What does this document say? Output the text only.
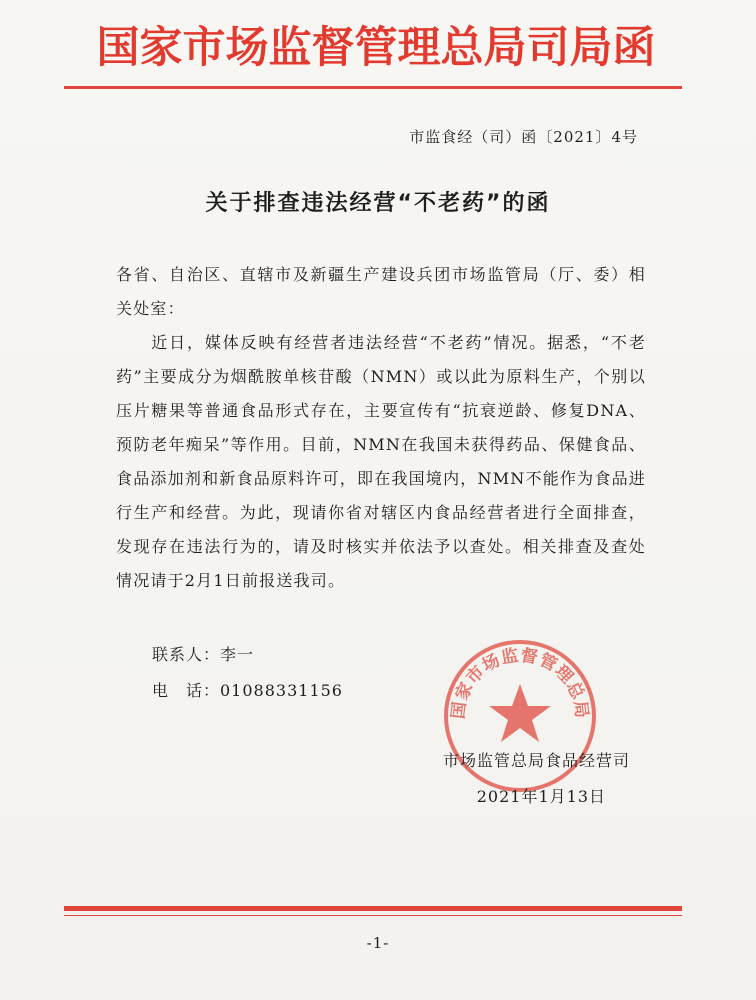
国家市场监督管理总局司局函
市监食经（司）函〔2021〕4号
关于排查违法经营“不老药”的函

各省、自治区、直辖市及新疆生产建设兵团市场监管局（厅、委）相关处室：

近日，媒体反映有经营者违法经营“不老药”情况。据悉，“不老药”主要成分为烟酰胺单核苷酸（NMN）或以此为原料生产，个别以压片糖果等普通食品形式存在，主要宣传有“抗衰逆龄、修复DNA、预防老年痴呆”等作用。目前，NMN在我国未获得药品、保健食品、食品添加剂和新食品原料许可，即在我国境内，NMN不能作为食品进行生产和经营。为此，现请你省对辖区内食品经营者进行全面排查，发现存在违法行为的，请及时核实并依法予以查处。相关排查及查处情况请于2月1日前报送我司。

联系人：李一
电　话：01088331156
国家市场监督管理总局
市场监管总局食品经营司
2021年1月13日
-1-
